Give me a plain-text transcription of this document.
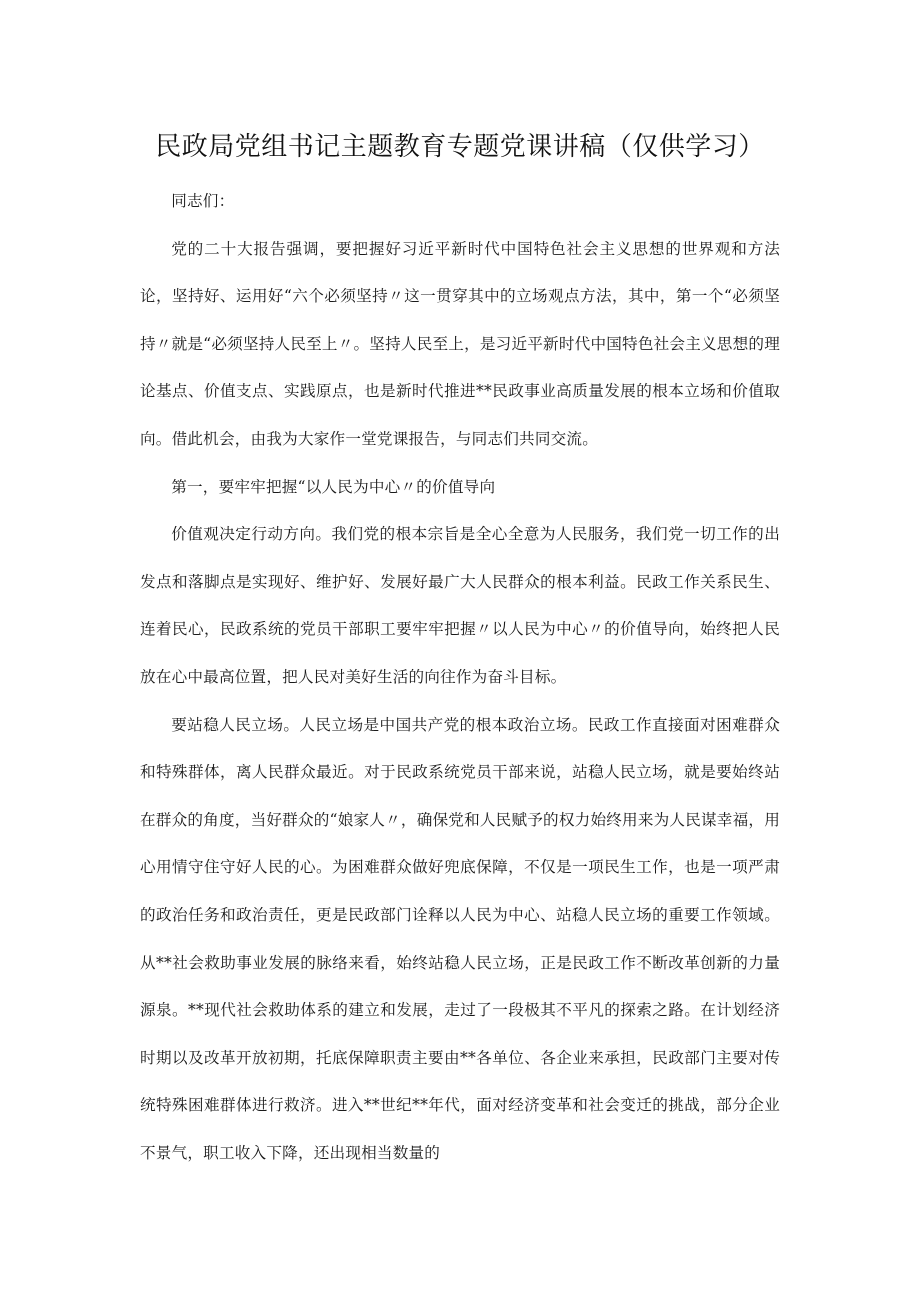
民政局党组书记主题教育专题党课讲稿（仅供学习）

同志们：

党的二十大报告强调，要把握好习近平新时代中国特色社会主义思想的世界观和方法论，坚持好、运用好“六个必须坚持〃这一贯穿其中的立场观点方法，其中，第一个“必须坚持〃就是“必须坚持人民至上〃。坚持人民至上，是习近平新时代中国特色社会主义思想的理论基点、价值支点、实践原点，也是新时代推进**民政事业高质量发展的根本立场和价值取向。借此机会，由我为大家作一堂党课报告，与同志们共同交流。

第一，要牢牢把握“以人民为中心〃的价值导向

价值观决定行动方向。我们党的根本宗旨是全心全意为人民服务，我们党一切工作的出发点和落脚点是实现好、维护好、发展好最广大人民群众的根本利益。民政工作关系民生、连着民心，民政系统的党员干部职工要牢牢把握〃以人民为中心〃的价值导向，始终把人民放在心中最高位置，把人民对美好生活的向往作为奋斗目标。

要站稳人民立场。人民立场是中国共产党的根本政治立场。民政工作直接面对困难群众和特殊群体，离人民群众最近。对于民政系统党员干部来说，站稳人民立场，就是要始终站在群众的角度，当好群众的“娘家人〃，确保党和人民赋予的权力始终用来为人民谋幸福，用心用情守住守好人民的心。为困难群众做好兜底保障，不仅是一项民生工作，也是一项严肃的政治任务和政治责任，更是民政部门诠释以人民为中心、站稳人民立场的重要工作领域。从**社会救助事业发展的脉络来看，始终站稳人民立场，正是民政工作不断改革创新的力量源泉。**现代社会救助体系的建立和发展，走过了一段极其不平凡的探索之路。在计划经济时期以及改革开放初期，托底保障职责主要由**各单位、各企业来承担，民政部门主要对传统特殊困难群体进行救济。进入**世纪**年代，面对经济变革和社会变迁的挑战，部分企业不景气，职工收入下降，还出现相当数量的
